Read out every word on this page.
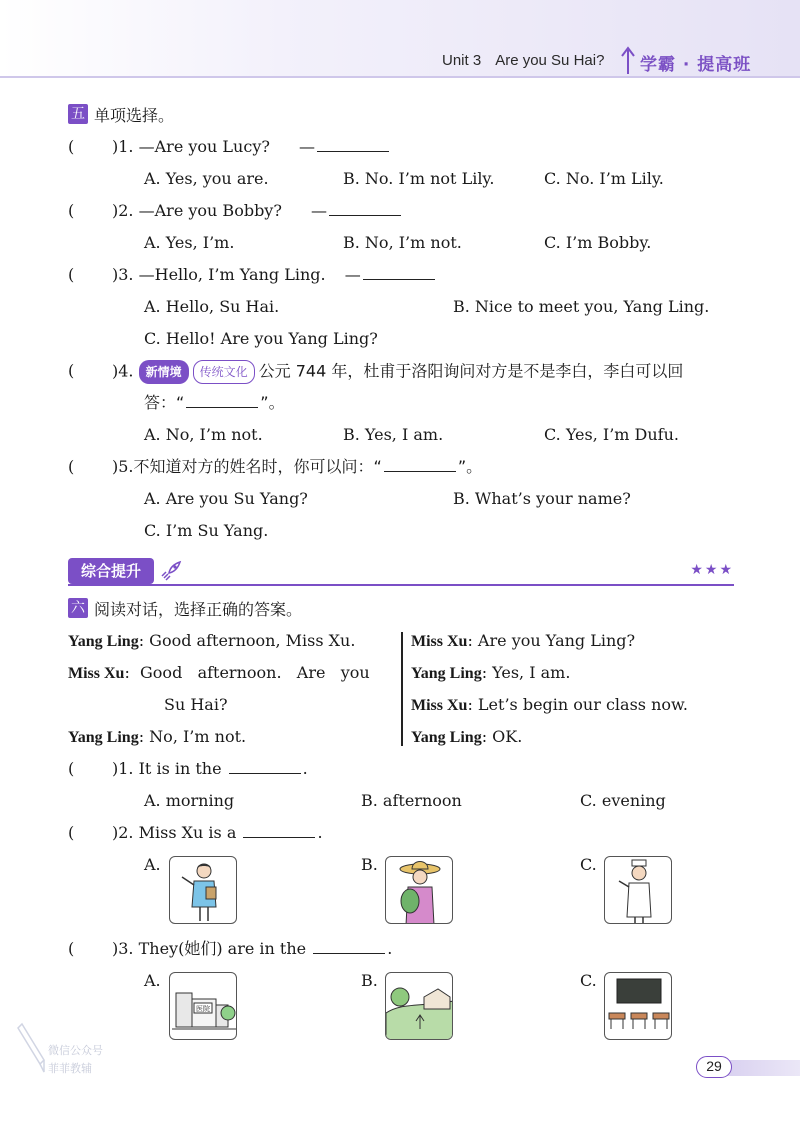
Unit 3 Are you Su Hai?	学霸 · 提高班
五 单项选择。
( )1. —Are you Lucy? —
A. Yes, you are.	B. No. I’m not Lily.	C. No. I’m Lily.
( )2. —Are you Bobby? —
A. Yes, I’m.	B. No, I’m not.	C. I’m Bobby.
( )3. —Hello, I’m Yang Ling. —
A. Hello, Su Hai.	B. Nice to meet you, Yang Ling.
C. Hello! Are you Yang Ling?
( )4. 新情境 传统文化 公元 744 年，杜甫于洛阳询问对方是不是李白，李白可以回
答：“	”。
A. No, I’m not.	B. Yes, I am.	C. Yes, I’m Dufu.
( )5.不知道对方的姓名时，你可以问：“	”。
A. Are you Su Yang?	B. What’s your name?
C. I’m Su Yang.
综合提升	★★★
六 阅读对话，选择正确的答案。
Yang Ling: Good afternoon, Miss Xu.
Miss Xu:  Good   afternoon.   Are   you
Su Hai?
Yang Ling: No, I’m not.
Miss Xu: Are you Yang Ling?
Yang Ling: Yes, I am.
Miss Xu: Let’s begin our class now.
Yang Ling: OK.
( )1. It is in the	.
A. morning	B. afternoon	C. evening
( )2. Miss Xu is a	.
A.	B.	C.
( )3. They(她们) are in the	.
A.	B.	C.
医院
29
微信公众号
菲菲教辅
